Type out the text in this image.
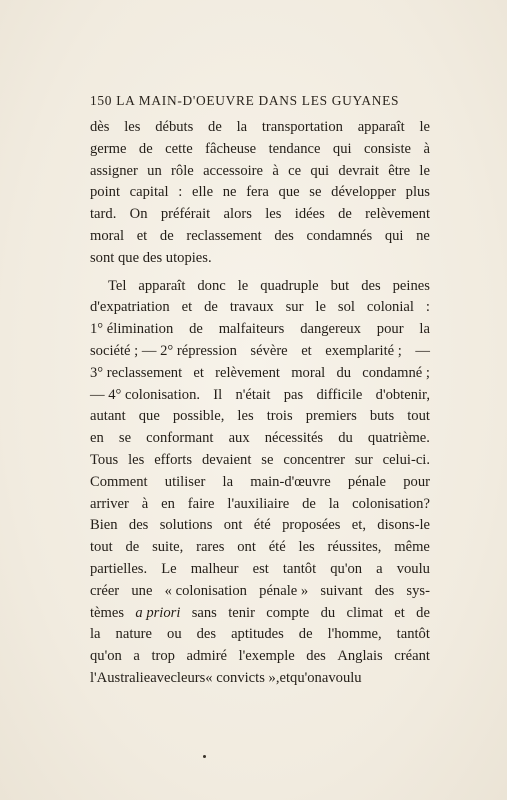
150 LA MAIN-D'OEUVRE DANS LES GUYANES
dès les débuts de la transportation apparaît le
germe de cette fâcheuse tendance qui consiste à
assigner un rôle accessoire à ce qui devrait être le
point capital : elle ne fera que se développer plus
tard. On préférait alors les idées de relèvement
moral et de reclassement des condamnés qui ne
sont que des utopies.
Tel apparaît donc le quadruple but des peines
d'expatriation et de travaux sur le sol colonial :
1° élimination de malfaiteurs dangereux pour la
société ; — 2° répression sévère et exemplarité ; —
3° reclassement et relèvement moral du condamné ;
— 4° colonisation. Il n'était pas difficile d'obtenir,
autant que possible, les trois premiers buts tout
en se conformant aux nécessités du quatrième.
Tous les efforts devaient se concentrer sur celui-ci.
Comment utiliser la main-d'œuvre pénale pour
arriver à en faire l'auxiliaire de la colonisation?
Bien des solutions ont été proposées et, disons-le
tout de suite, rares ont été les réussites, même
partielles. Le malheur est tantôt qu'on a voulu
créer une « colonisation pénale » suivant des sys-
tèmes a priori sans tenir compte du climat et de
la nature ou des aptitudes de l'homme, tantôt
qu'on a trop admiré l'exemple des Anglais créant
l'Australie avec leurs « convicts », et qu'on a voulu
